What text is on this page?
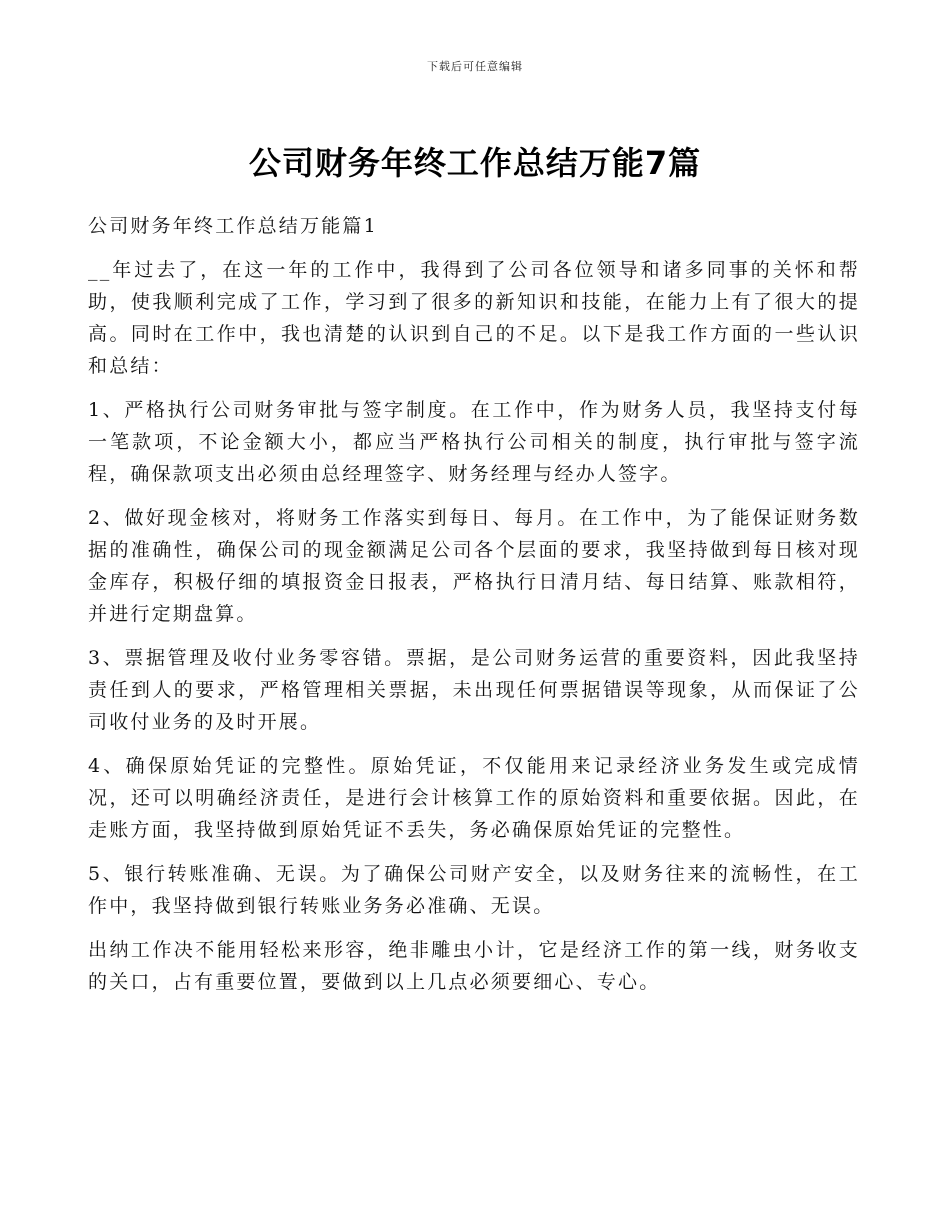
下载后可任意编辑
公司财务年终工作总结万能7篇

公司财务年终工作总结万能篇1

__年过去了，在这一年的工作中，我得到了公司各位领导和诸多同事的关怀和帮助，使我顺利完成了工作，学习到了很多的新知识和技能，在能力上有了很大的提高。同时在工作中，我也清楚的认识到自己的不足。以下是我工作方面的一些认识和总结：

1、严格执行公司财务审批与签字制度。在工作中，作为财务人员，我坚持支付每一笔款项，不论金额大小，都应当严格执行公司相关的制度，执行审批与签字流程，确保款项支出必须由总经理签字、财务经理与经办人签字。

2、做好现金核对，将财务工作落实到每日、每月。在工作中，为了能保证财务数据的准确性，确保公司的现金额满足公司各个层面的要求，我坚持做到每日核对现金库存，积极仔细的填报资金日报表，严格执行日清月结、每日结算、账款相符，并进行定期盘算。

3、票据管理及收付业务零容错。票据，是公司财务运营的重要资料，因此我坚持责任到人的要求，严格管理相关票据，未出现任何票据错误等现象，从而保证了公司收付业务的及时开展。

4、确保原始凭证的完整性。原始凭证，不仅能用来记录经济业务发生或完成情况，还可以明确经济责任，是进行会计核算工作的原始资料和重要依据。因此，在走账方面，我坚持做到原始凭证不丢失，务必确保原始凭证的完整性。

5、银行转账准确、无误。为了确保公司财产安全，以及财务往来的流畅性，在工作中，我坚持做到银行转账业务务必准确、无误。

出纳工作决不能用轻松来形容，绝非雕虫小计，它是经济工作的第一线，财务收支的关口，占有重要位置，要做到以上几点必须要细心、专心。
